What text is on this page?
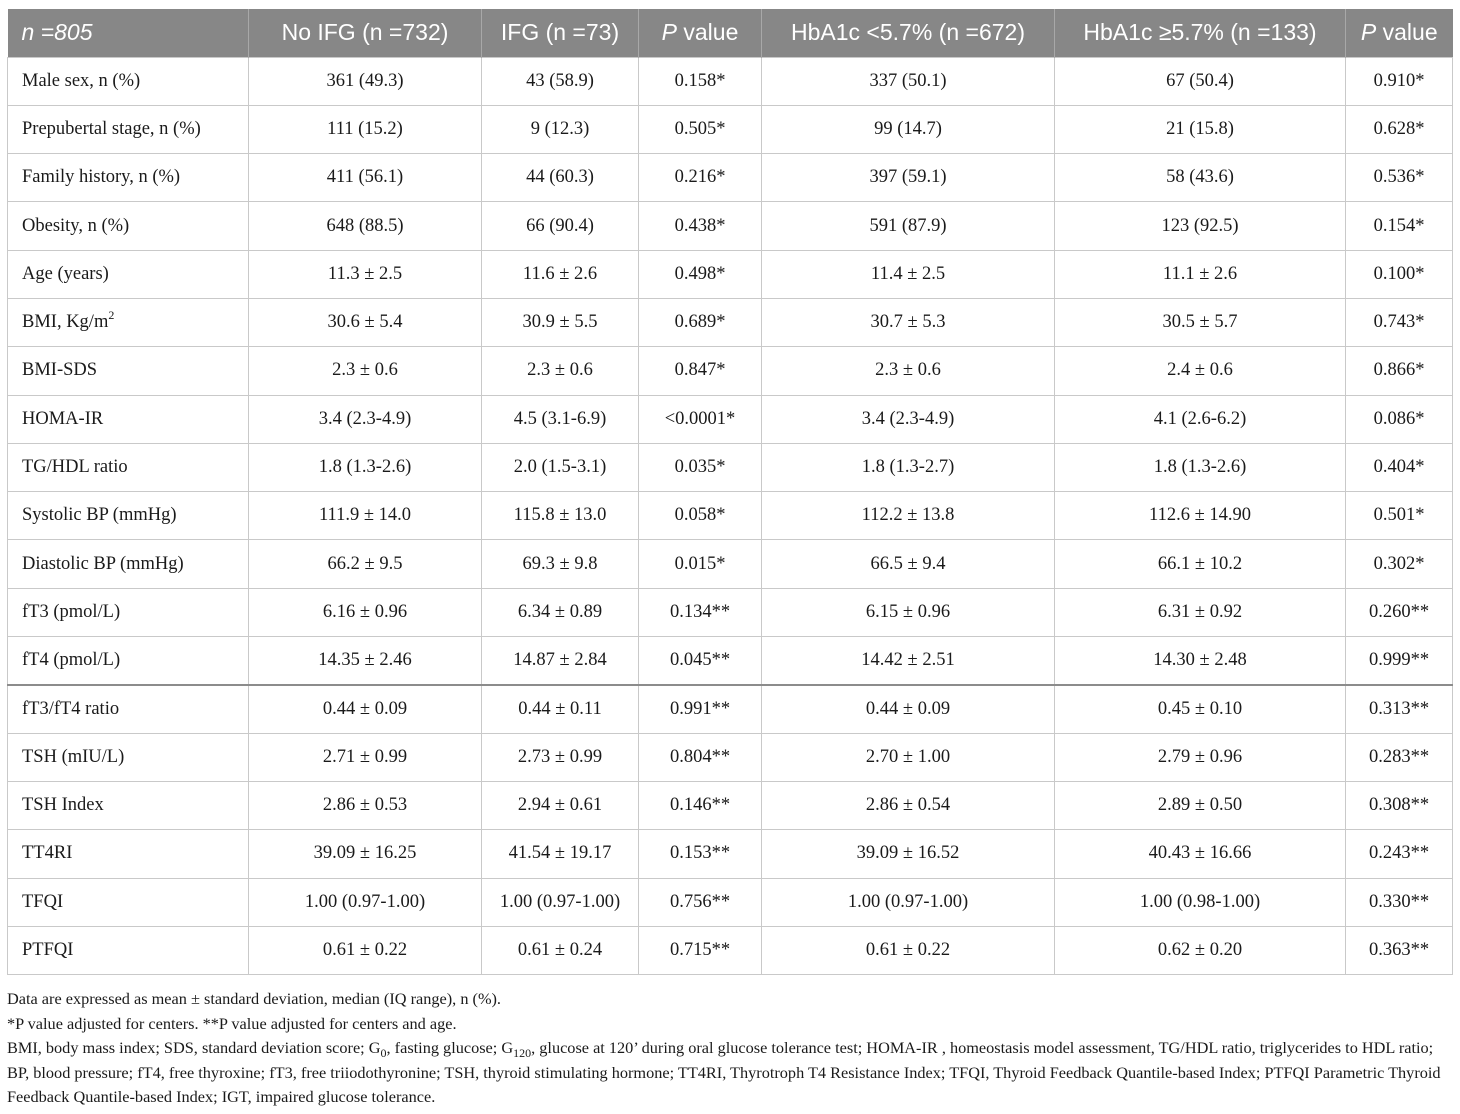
n =805	No IFG (n =732)	IFG (n =73)	P value	HbA1c <5.7% (n =672)	HbA1c ≥5.7% (n =133)	P value
Male sex, n (%)	361 (49.3)	43 (58.9)	0.158*	337 (50.1)	67 (50.4)	0.910*
Prepubertal stage, n (%)	111 (15.2)	9 (12.3)	0.505*	99 (14.7)	21 (15.8)	0.628*
Family history, n (%)	411 (56.1)	44 (60.3)	0.216*	397 (59.1)	58 (43.6)	0.536*
Obesity, n (%)	648 (88.5)	66 (90.4)	0.438*	591 (87.9)	123 (92.5)	0.154*
Age (years)	11.3 ± 2.5	11.6 ± 2.6	0.498*	11.4 ± 2.5	11.1 ± 2.6	0.100*
BMI, $Kg/m^2$	30.6 ± 5.4	30.9 ± 5.5	0.689*	30.7 ± 5.3	30.5 ± 5.7	0.743*
BMI-SDS	2.3 ± 0.6	2.3 ± 0.6	0.847*	2.3 ± 0.6	2.4 ± 0.6	0.866*
HOMA-IR	3.4 (2.3-4.9)	4.5 (3.1-6.9)	<0.0001*	3.4 (2.3-4.9)	4.1 (2.6-6.2)	0.086*
TG/HDL ratio	1.8 (1.3-2.6)	2.0 (1.5-3.1)	0.035*	1.8 (1.3-2.7)	1.8 (1.3-2.6)	0.404*
Systolic BP (mmHg)	111.9 ± 14.0	115.8 ± 13.0	0.058*	112.2 ± 13.8	112.6 ± 14.90	0.501*
Diastolic BP (mmHg)	66.2 ± 9.5	69.3 ± 9.8	0.015*	66.5 ± 9.4	66.1 ± 10.2	0.302*
fT3 (pmol/L)	6.16 ± 0.96	6.34 ± 0.89	0.134**	6.15 ± 0.96	6.31 ± 0.92	0.260**
fT4 (pmol/L)	14.35 ± 2.46	14.87 ± 2.84	0.045**	14.42 ± 2.51	14.30 ± 2.48	0.999**
fT3/fT4 ratio	0.44 ± 0.09	0.44 ± 0.11	0.991**	0.44 ± 0.09	0.45 ± 0.10	0.313**
TSH (mIU/L)	2.71 ± 0.99	2.73 ± 0.99	0.804**	2.70 ± 1.00	2.79 ± 0.96	0.283**
TSH Index	2.86 ± 0.53	2.94 ± 0.61	0.146**	2.86 ± 0.54	2.89 ± 0.50	0.308**
TT4RI	39.09 ± 16.25	41.54 ± 19.17	0.153**	39.09 ± 16.52	40.43 ± 16.66	0.243**
TFQI	1.00 (0.97-1.00)	1.00 (0.97-1.00)	0.756**	1.00 (0.97-1.00)	1.00 (0.98-1.00)	0.330**
PTFQI	0.61 ± 0.22	0.61 ± 0.24	0.715**	0.61 ± 0.22	0.62 ± 0.20	0.363**

Data are expressed as mean ± standard deviation, median (IQ range), n (%).

*P value adjusted for centers. **P value adjusted for centers and age.

BMI, body mass index; SDS, standard deviation score; $G_0$, fasting glucose; $G_{120}$, glucose at 120’ during oral glucose tolerance test; HOMA-IR , homeostasis model assessment, TG/HDL ratio, triglycerides to HDL ratio; BP, blood pressure; fT4, free thyroxine; fT3, free triiodothyronine; TSH, thyroid stimulating hormone; TT4RI, Thyrotroph T4 Resistance Index; TFQI, Thyroid Feedback Quantile-based Index; PTFQI Parametric Thyroid Feedback Quantile-based Index; IGT, impaired glucose tolerance.
